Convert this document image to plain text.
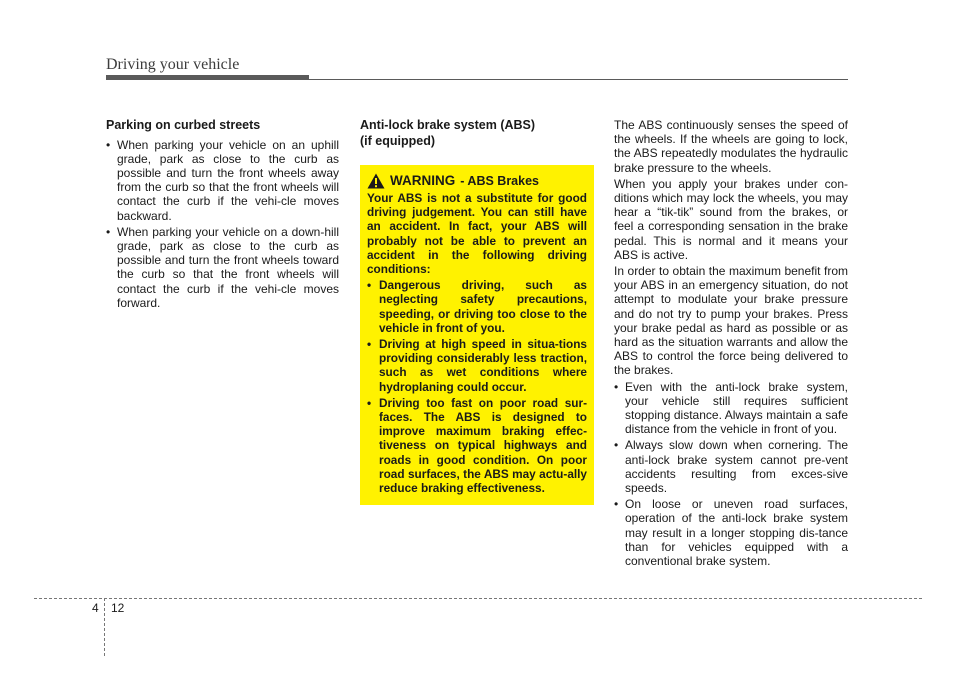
Driving your vehicle
Parking on curbed streets
• When parking your vehicle on an uphill grade, park as close to the curb as possible and turn the front wheels away from the curb so that the front wheels will contact the curb if the vehi-cle moves backward.
• When parking your vehicle on a down-hill grade, park as close to the curb as possible and turn the front wheels toward the curb so that the front wheels will contact the curb if the vehi-cle moves forward.
Anti-lock brake system (ABS)
(if equipped)
WARNING - ABS Brakes

Your ABS is not a substitute for good driving judgement. You can still have an accident. In fact, your ABS will probably not be able to prevent an accident in the following driving conditions:

• Dangerous driving, such as neglecting safety precautions, speeding, or driving too close to the vehicle in front of you.
• Driving at high speed in situa-tions providing considerably less traction, such as wet conditions where hydroplaning could occur.
• Driving too fast on poor road sur-faces. The ABS is designed to improve maximum braking effec-tiveness on typical highways and roads in good condition. On poor road surfaces, the ABS may actu-ally reduce braking effectiveness.

The ABS continuously senses the speed of the wheels. If the wheels are going to lock, the ABS repeatedly modulates the hydraulic brake pressure to the wheels.

When you apply your brakes under con-ditions which may lock the wheels, you may hear a “tik-tik” sound from the brakes, or feel a corresponding sensation in the brake pedal. This is normal and it means your ABS is active.

In order to obtain the maximum benefit from your ABS in an emergency situation, do not attempt to modulate your brake pressure and do not try to pump your brakes. Press your brake pedal as hard as possible or as hard as the situation warrants and allow the ABS to control the force being delivered to the brakes.

• Even with the anti-lock brake system, your vehicle still requires sufficient stopping distance. Always maintain a safe distance from the vehicle in front of you.
• Always slow down when cornering. The anti-lock brake system cannot pre-vent accidents resulting from exces-sive speeds.
• On loose or uneven road surfaces, operation of the anti-lock brake system may result in a longer stopping dis-tance than for vehicles equipped with a conventional brake system.
4 12
